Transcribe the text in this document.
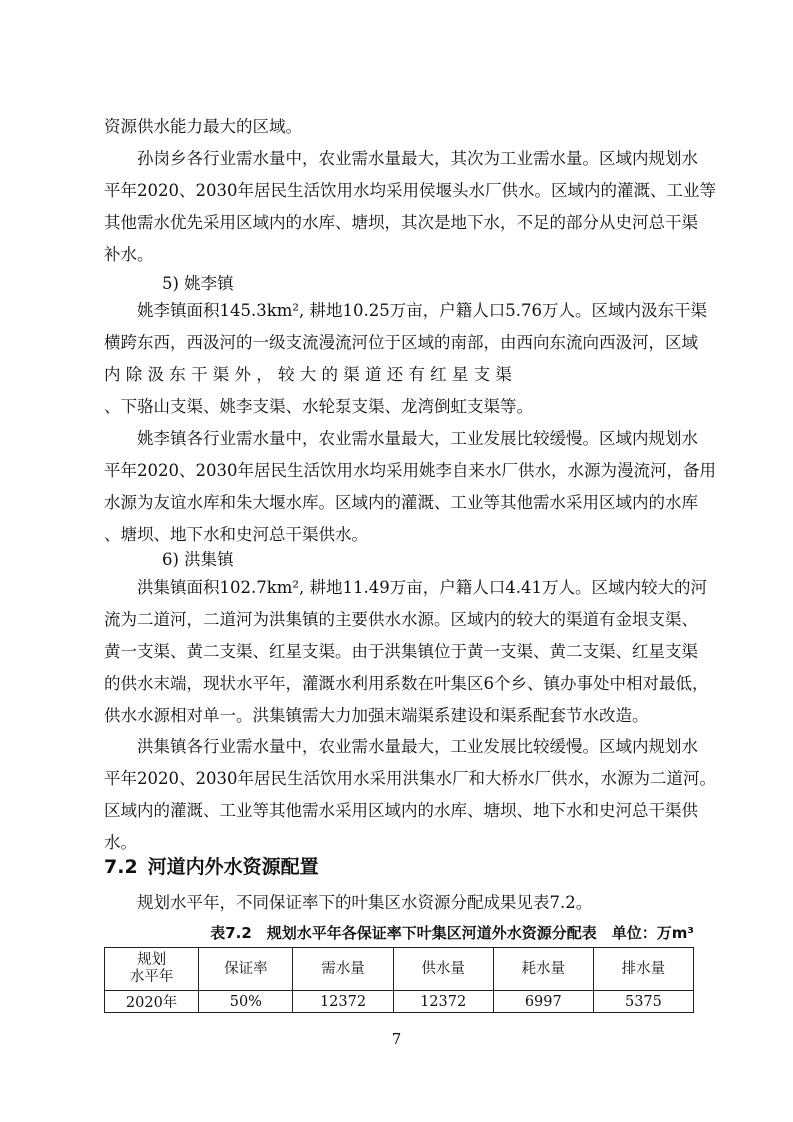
资源供水能力最大的区域。
　　孙岗乡各行业需水量中，农业需水量最大，其次为工业需水量。区域内规划水
平年2020、2030年居民生活饮用水均采用侯堰头水厂供水。区域内的灌溉、工业等
其他需水优先采用区域内的水库、塘坝，其次是地下水，不足的部分从史河总干渠
补水。
5) 姚李镇
　　姚李镇面积145.3km², 耕地10.25万亩，户籍人口5.76万人。区域内汲东干渠
横跨东西，西汲河的一级支流漫流河位于区域的南部，由西向东流向西汲河，区域
内 除 汲 东 干 渠 外 ， 较 大 的 渠 道 还 有 红 星 支 渠
、下骆山支渠、姚李支渠、水轮泵支渠、龙湾倒虹支渠等。
　　姚李镇各行业需水量中，农业需水量最大，工业发展比较缓慢。区域内规划水
平年2020、2030年居民生活饮用水均采用姚李自来水厂供水，水源为漫流河，备用
水源为友谊水库和朱大堰水库。区域内的灌溉、工业等其他需水采用区域内的水库
、塘坝、地下水和史河总干渠供水。
6) 洪集镇
　　洪集镇面积102.7km², 耕地11.49万亩，户籍人口4.41万人。区域内较大的河
流为二道河，二道河为洪集镇的主要供水水源。区域内的较大的渠道有金垠支渠、
黄一支渠、黄二支渠、红星支渠。由于洪集镇位于黄一支渠、黄二支渠、红星支渠
的供水末端，现状水平年，灌溉水利用系数在叶集区6个乡、镇办事处中相对最低，
供水水源相对单一。洪集镇需大力加强末端渠系建设和渠系配套节水改造。
　　洪集镇各行业需水量中，农业需水量最大，工业发展比较缓慢。区域内规划水
平年2020、2030年居民生活饮用水采用洪集水厂和大桥水厂供水，水源为二道河。
区域内的灌溉、工业等其他需水采用区域内的水库、塘坝、地下水和史河总干渠供
水。
7.2 河道内外水资源配置
　　规划水平年，不同保证率下的叶集区水资源分配成果见表7.2。
表7.2　规划水平年各保证率下叶集区河道外水资源分配表　单位：万m³
规划
水平年	保证率	需水量	供水量	耗水量	排水量
2020年	50%	12372	12372	6997	5375
7
